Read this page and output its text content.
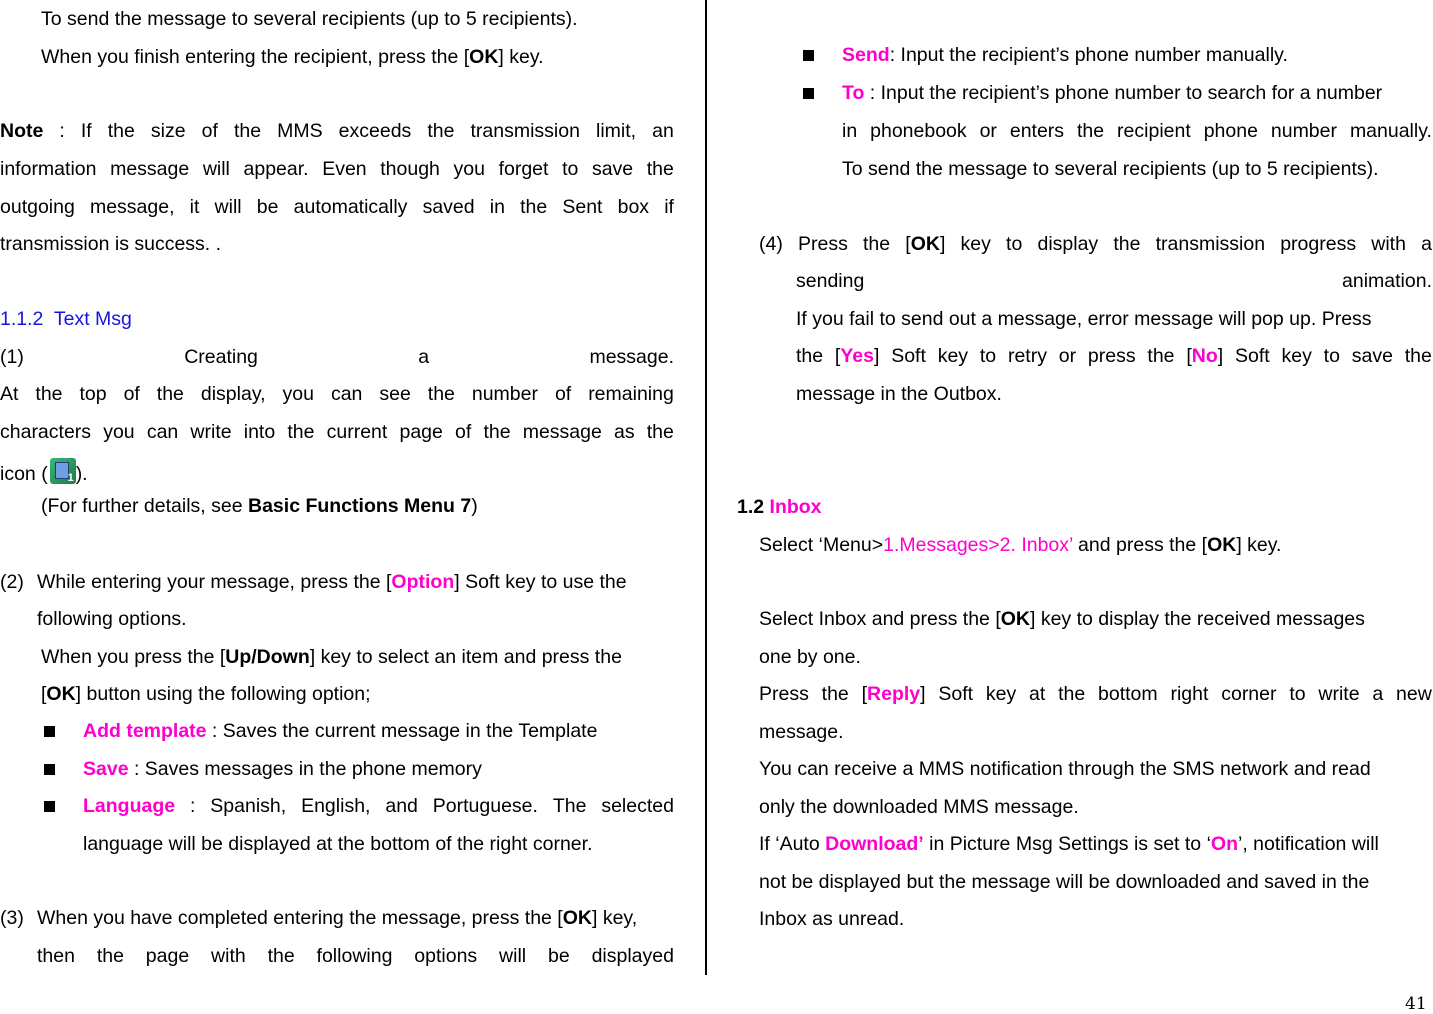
To send the message to several recipients (up to 5 recipients).
When you finish entering the recipient, press the [OK] key.
Note : If the size of the MMS exceeds the transmission limit, an
information message will appear. Even though you forget to save the
outgoing message, it will be automatically saved in the Sent box if
transmission is success. .
1.1.2 Text Msg
(1)	Creating	a	message.
At the top of the display, you can see the number of remaining
characters you can write into the current page of the message as the
icon (1 ).
(For further details, see Basic Functions Menu 7)
(2) While entering your message, press the [Option] Soft key to use the
following options.
When you press the [Up/Down] key to select an item and press the
[OK] button using the following option;
Add template : Saves the current message in the Template
Save : Saves messages in the phone memory
Language : Spanish, English, and Portuguese. The selected
language will be displayed at the bottom of the right corner.
(3) When you have completed entering the message, press the [OK] key,
then the page with the following options will be displayed
Send: Input the recipient’s phone number manually.
To : Input the recipient’s phone number to search for a number
in phonebook or enters the recipient phone number manually.
To send the message to several recipients (up to 5 recipients).
(4) Press the [OK] key to display the transmission progress with a
sending	animation.
If you fail to send out a message, error message will pop up. Press
the [Yes] Soft key to retry or press the [No] Soft key to save the
message in the Outbox.
1.2 Inbox
Select ‘Menu>1.Messages>2. Inbox’ and press the [OK] key.
Select Inbox and press the [OK] key to display the received messages
one by one.
Press the [Reply] Soft key at the bottom right corner to write a new
message.
You can receive a MMS notification through the SMS network and read
only the downloaded MMS message.
If ‘Auto Download’ in Picture Msg Settings is set to ‘On’, notification will
not be displayed but the message will be downloaded and saved in the
Inbox as unread.
41
